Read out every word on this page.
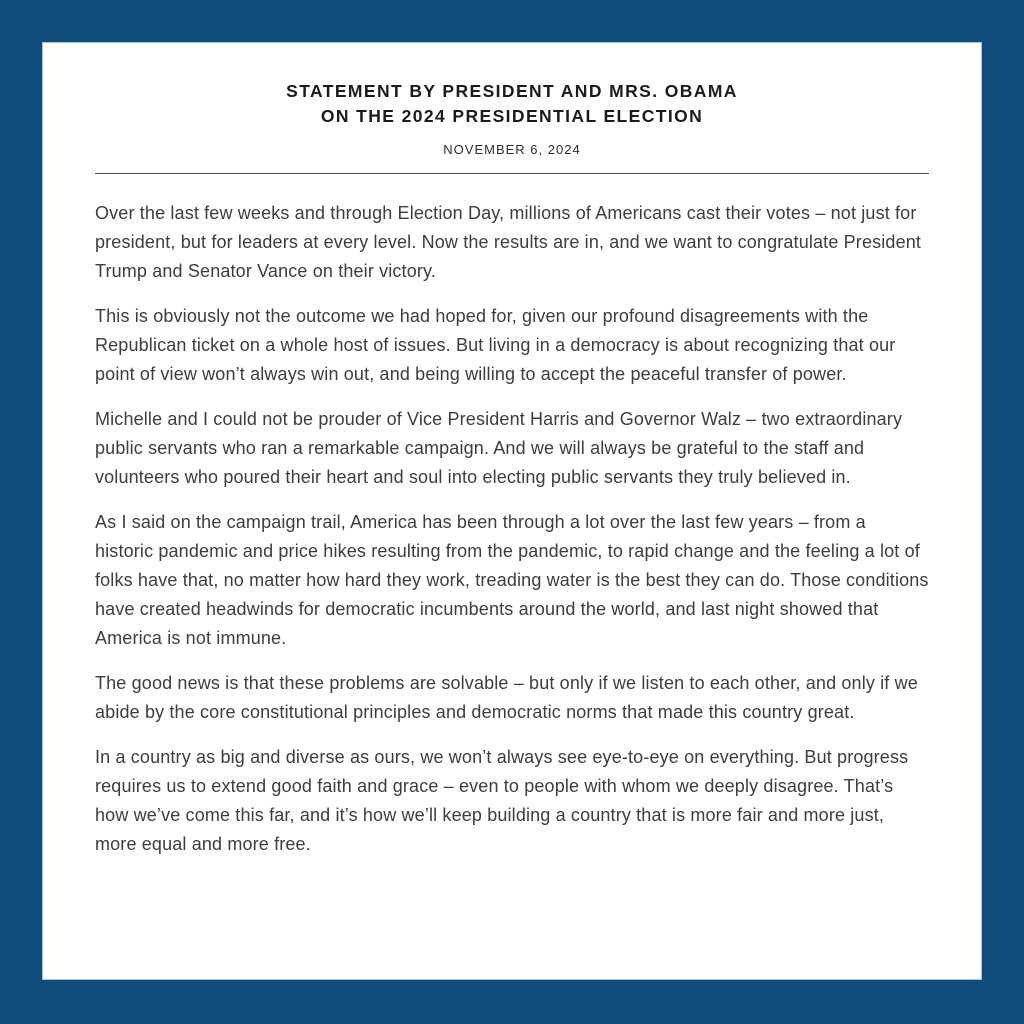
STATEMENT BY PRESIDENT AND MRS. OBAMA
ON THE 2024 PRESIDENTIAL ELECTION
NOVEMBER 6, 2024

Over the last few weeks and through Election Day, millions of Americans cast their votes – not just for president, but for leaders at every level. Now the results are in, and we want to congratulate President Trump and Senator Vance on their victory.

This is obviously not the outcome we had hoped for, given our profound disagreements with the Republican ticket on a whole host of issues. But living in a democracy is about recognizing that our point of view won’t always win out, and being willing to accept the peaceful transfer of power.

Michelle and I could not be prouder of Vice President Harris and Governor Walz – two extraordinary public servants who ran a remarkable campaign. And we will always be grateful to the staff and volunteers who poured their heart and soul into electing public servants they truly believed in.

As I said on the campaign trail, America has been through a lot over the last few years – from a historic pandemic and price hikes resulting from the pandemic, to rapid change and the feeling a lot of folks have that, no matter how hard they work, treading water is the best they can do. Those conditions have created headwinds for democratic incumbents around the world, and last night showed that America is not immune.

The good news is that these problems are solvable – but only if we listen to each other, and only if we abide by the core constitutional principles and democratic norms that made this country great.

In a country as big and diverse as ours, we won’t always see eye-to-eye on everything. But progress requires us to extend good faith and grace – even to people with whom we deeply disagree. That’s how we’ve come this far, and it’s how we’ll keep building a country that is more fair and more just, more equal and more free.
